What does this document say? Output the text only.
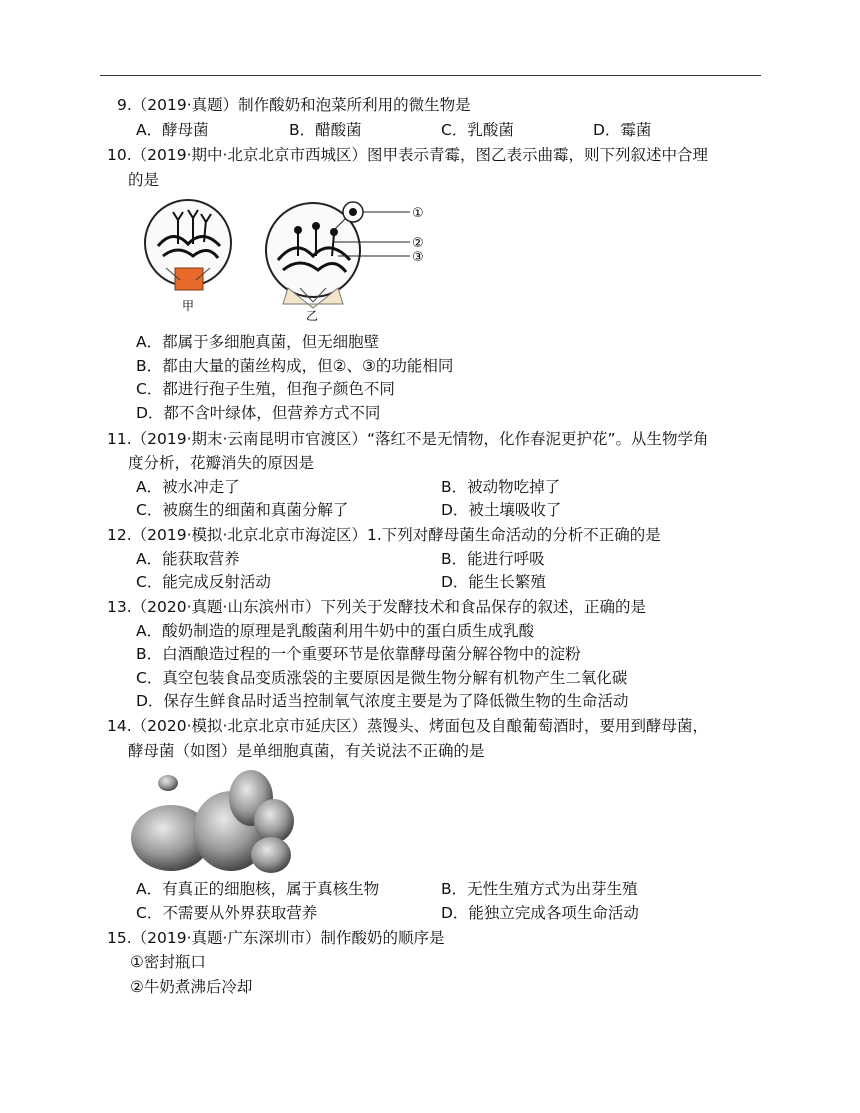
9.（2019·真题）制作酸奶和泡菜所利用的微生物是
A．酵母菌	B．醋酸菌	C．乳酸菌	D．霉菌
10.（2019·期中·北京北京市西城区）图甲表示青霉，图乙表示曲霉，则下列叙述中合理
的是
甲
乙
①
②
③
A．都属于多细胞真菌，但无细胞壁
B．都由大量的菌丝构成，但②、③的功能相同
C．都进行孢子生殖，但孢子颜色不同
D．都不含叶绿体，但营养方式不同
11.（2019·期末·云南昆明市官渡区）“落红不是无情物，化作春泥更护花”。从生物学角
度分析，花瓣消失的原因是
A．被水冲走了	B．被动物吃掉了
C．被腐生的细菌和真菌分解了	D．被土壤吸收了
12.（2019·模拟·北京北京市海淀区）1.下列对酵母菌生命活动的分析不正确的是
A．能获取营养	B．能进行呼吸
C．能完成反射活动	D．能生长繁殖
13.（2020·真题·山东滨州市）下列关于发酵技术和食品保存的叙述，正确的是
A．酸奶制造的原理是乳酸菌利用牛奶中的蛋白质生成乳酸
B．白酒酿造过程的一个重要环节是依靠酵母菌分解谷物中的淀粉
C．真空包装食品变质涨袋的主要原因是微生物分解有机物产生二氧化碳
D．保存生鲜食品时适当控制氧气浓度主要是为了降低微生物的生命活动
14.（2020·模拟·北京北京市延庆区）蒸馒头、烤面包及自酿葡萄酒时，要用到酵母菌，
酵母菌（如图）是单细胞真菌，有关说法不正确的是
A．有真正的细胞核，属于真核生物	B．无性生殖方式为出芽生殖
C．不需要从外界获取营养	D．能独立完成各项生命活动
15.（2019·真题·广东深圳市）制作酸奶的顺序是
①密封瓶口
②牛奶煮沸后冷却
